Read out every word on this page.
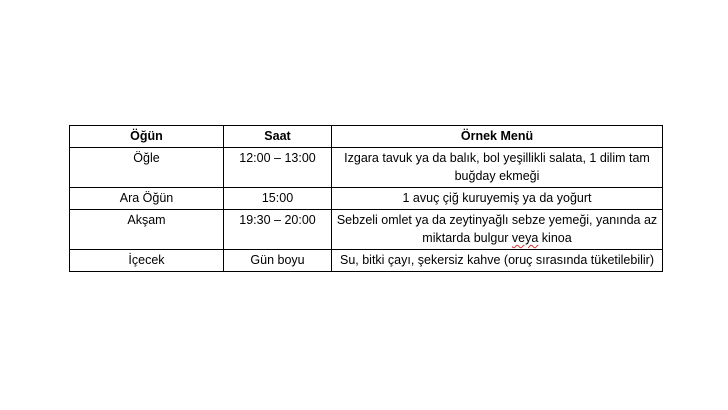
Öğün	Saat	Örnek Menü
Öğle	12:00 – 13:00	Izgara tavuk ya da balık, bol yeşillikli salata, 1 dilim tam buğday ekmeği
Ara Öğün	15:00	1 avuç çiğ kuruyemiş ya da yoğurt
Akşam	19:30 – 20:00	Sebzeli omlet ya da zeytinyağlı sebze yemeği, yanında az miktarda bulgur veya kinoa
İçecek	Gün boyu	Su, bitki çayı, şekersiz kahve (oruç sırasında tüketilebilir)
